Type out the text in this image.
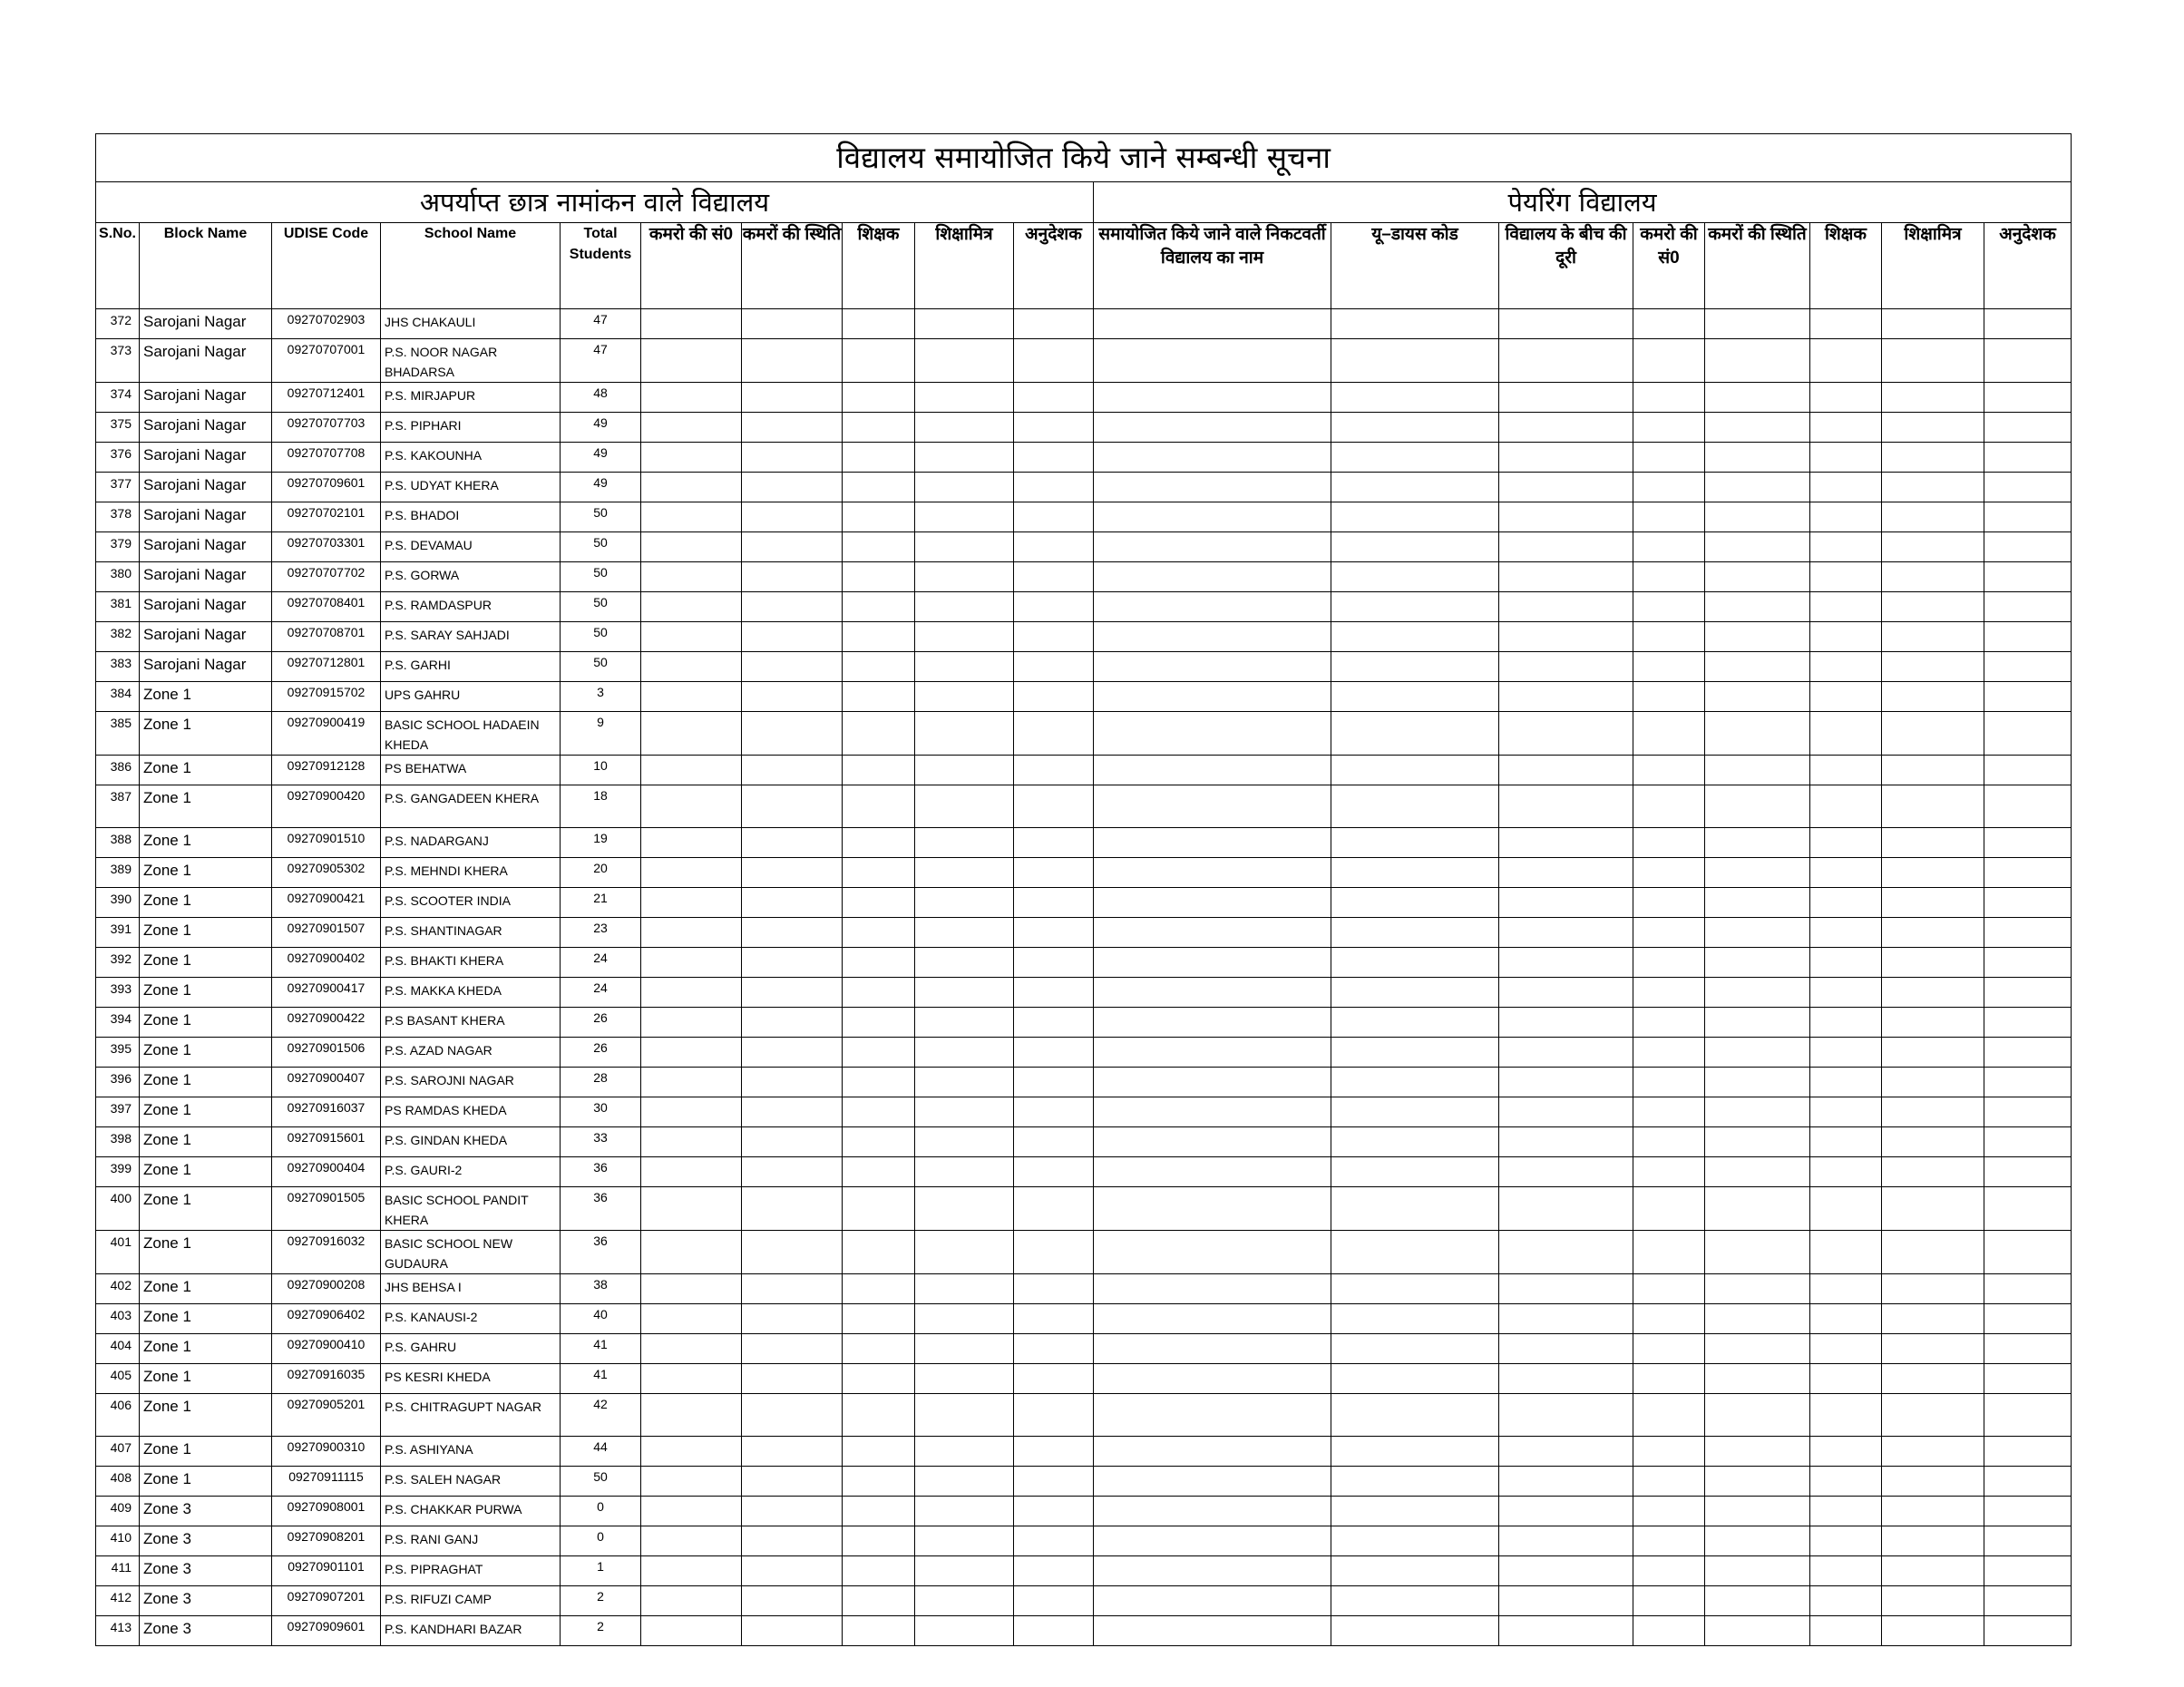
विद्यालय समायोजित किये जाने सम्बन्धी सूचना																	
अपर्याप्त छात्र नामांकन वाले विद्यालय										पेयरिंग विद्यालय							
S.No.	Block Name	UDISE Code	School Name	Total Students	कमरो की सं0	कमरों की स्थिति	शिक्षक	शिक्षामित्र	अनुदेशक	समायोजित किये जाने वाले निकटवर्ती विद्यालय का नाम	यू–डायस कोड	विद्यालय के बीच की दूरी	कमरो की सं0	कमरों की स्थिति	शिक्षक	शिक्षामित्र	अनुदेशक
372	Sarojani Nagar	09270702903	JHS CHAKAULI	47													
373	Sarojani Nagar	09270707001	P.S. NOOR NAGAR BHADARSA	47													
374	Sarojani Nagar	09270712401	P.S. MIRJAPUR	48													
375	Sarojani Nagar	09270707703	P.S. PIPHARI	49													
376	Sarojani Nagar	09270707708	P.S. KAKOUNHA	49													
377	Sarojani Nagar	09270709601	P.S. UDYAT KHERA	49													
378	Sarojani Nagar	09270702101	P.S. BHADOI	50													
379	Sarojani Nagar	09270703301	P.S. DEVAMAU	50													
380	Sarojani Nagar	09270707702	P.S. GORWA	50													
381	Sarojani Nagar	09270708401	P.S. RAMDASPUR	50													
382	Sarojani Nagar	09270708701	P.S. SARAY SAHJADI	50													
383	Sarojani Nagar	09270712801	P.S. GARHI	50													
384	Zone 1	09270915702	UPS GAHRU	3													
385	Zone 1	09270900419	BASIC SCHOOL HADAEIN KHEDA	9													
386	Zone 1	09270912128	PS BEHATWA	10													
387	Zone 1	09270900420	P.S. GANGADEEN KHERA	18													
388	Zone 1	09270901510	P.S. NADARGANJ	19													
389	Zone 1	09270905302	P.S. MEHNDI KHERA	20													
390	Zone 1	09270900421	P.S. SCOOTER INDIA	21													
391	Zone 1	09270901507	P.S. SHANTINAGAR	23													
392	Zone 1	09270900402	P.S. BHAKTI KHERA	24													
393	Zone 1	09270900417	P.S. MAKKA KHEDA	24													
394	Zone 1	09270900422	P.S BASANT KHERA	26													
395	Zone 1	09270901506	P.S. AZAD NAGAR	26													
396	Zone 1	09270900407	P.S. SAROJNI NAGAR	28													
397	Zone 1	09270916037	PS RAMDAS KHEDA	30													
398	Zone 1	09270915601	P.S. GINDAN KHEDA	33													
399	Zone 1	09270900404	P.S. GAURI-2	36													
400	Zone 1	09270901505	BASIC SCHOOL PANDIT KHERA	36													
401	Zone 1	09270916032	BASIC SCHOOL NEW GUDAURA	36													
402	Zone 1	09270900208	JHS BEHSA I	38													
403	Zone 1	09270906402	P.S. KANAUSI-2	40													
404	Zone 1	09270900410	P.S. GAHRU	41													
405	Zone 1	09270916035	PS KESRI KHEDA	41													
406	Zone 1	09270905201	P.S. CHITRAGUPT NAGAR	42													
407	Zone 1	09270900310	P.S. ASHIYANA	44													
408	Zone 1	09270911115	P.S. SALEH NAGAR	50													
409	Zone 3	09270908001	P.S. CHAKKAR PURWA	0													
410	Zone 3	09270908201	P.S. RANI GANJ	0													
411	Zone 3	09270901101	P.S. PIPRAGHAT	1													
412	Zone 3	09270907201	P.S. RIFUZI CAMP	2													
413	Zone 3	09270909601	P.S. KANDHARI BAZAR	2													
